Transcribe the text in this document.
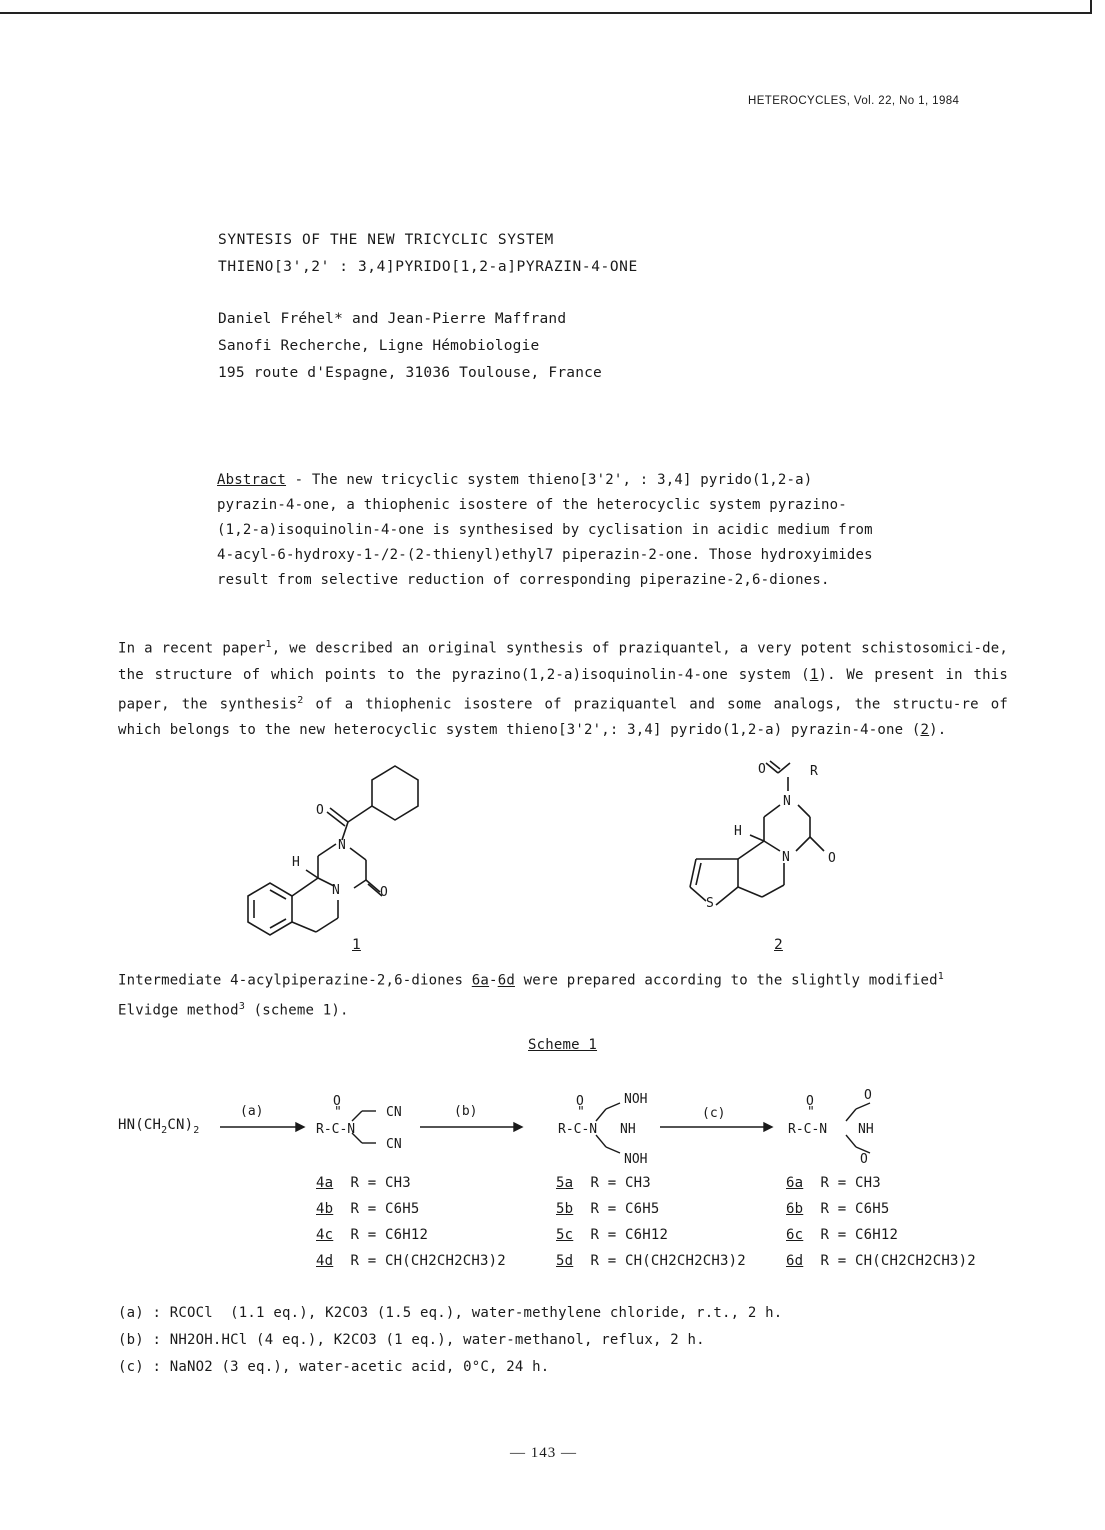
HETEROCYCLES, Vol. 22, No 1, 1984
SYNTESIS OF THE NEW TRICYCLIC SYSTEM
THIENO[3',2' : 3,4]PYRIDO[1,2-a]PYRAZIN-4-ONE
Daniel Fréhel* and Jean-Pierre Maffrand
Sanofi Recherche, Ligne Hémobiologie
195 route d'Espagne, 31036 Toulouse, France
Abstract - The new tricyclic system thieno[3'2', : 3,4] pyrido(1,2-a)
pyrazin-4-one, a thiophenic isostere of the heterocyclic system pyrazino-
(1,2-a)isoquinolin-4-one is synthesised by cyclisation in acidic medium from
4-acyl-6-hydroxy-1-/2-(2-thienyl)ethyl7 piperazin-2-one. Those hydroxyimides
result from selective reduction of corresponding piperazine-2,6-diones.
In a recent paper$^1$, we described an original synthesis of praziquantel, a very potent schistosomici-de, the structure of which points to the pyrazino(1,2-a)isoquinolin-4-one system (1). We present in this paper, the synthesis$^2$ of a thiophenic isostere of praziquantel and some analogs, the structu-re of which belongs to the new heterocyclic system thieno[3'2',: 3,4] pyrido(1,2-a) pyrazin-4-one (2).
O
N
N	O
H
1
O	R
N
N	O
H
S
2
Intermediate 4-acylpiperazine-2,6-diones 6a-6d were prepared according to the slightly modified$^1$
Elvidge method$^3$ (scheme 1).
Scheme 1
$HN(CH_2CN)_2$
(a)	(b)	(c)
O
"
R-C-N
CN
CN
O
"
R-C-N
NOH
NH
NOH
O
"
R-C-N
O
NH
O
4a R = CH3
4b R = C6H5
4c R = C6H12
4d R = CH(CH2CH2CH3)2
5a R = CH3
5b R = C6H5
5c R = C6H12
5d R = CH(CH2CH2CH3)2
6a R = CH3
6b R = C6H5
6c R = C6H12
6d R = CH(CH2CH2CH3)2
(a) : RCOCl  (1.1 eq.), K2CO3 (1.5 eq.), water-methylene chloride, r.t., 2 h.
(b) : NH2OH.HCl (4 eq.), K2CO3 (1 eq.), water-methanol, reflux, 2 h.
(c) : NaNO2 (3 eq.), water-acetic acid, 0°C, 24 h.
— 143 —
